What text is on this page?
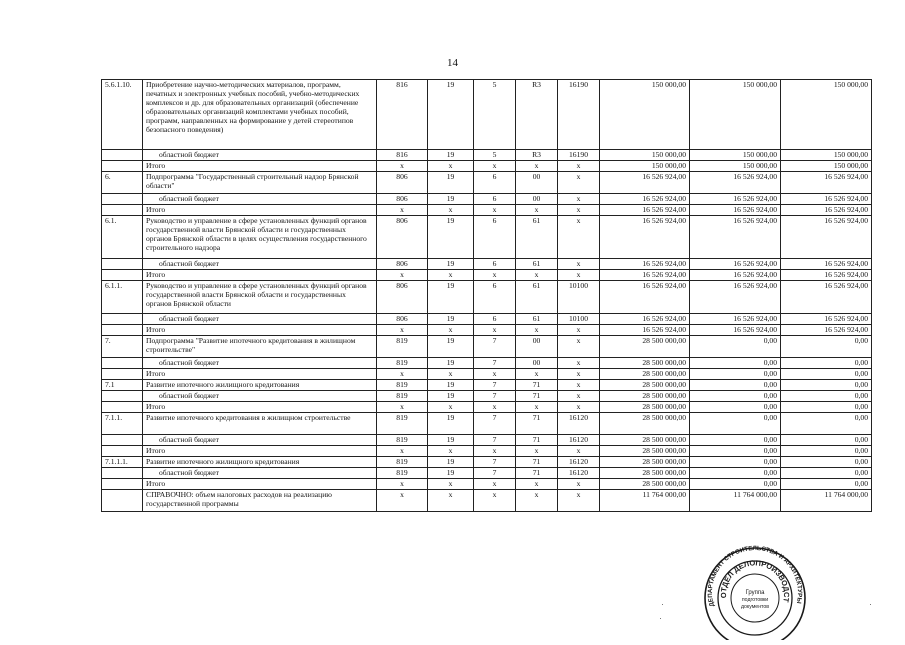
14
5.6.1.10.	Приобретение научно-методических материалов, программ, печатных и электронных учебных пособий, учебно-методических комплексов и др. для образовательных организаций (обеспечение образовательных организаций комплектами учебных пособий, программ, направленных на формирование у детей стереотипов безопасного поведения)	816	19	5	R3	16190	150 000,00	150 000,00	150 000,00
	областной бюджет	816	19	5	R3	16190	150 000,00	150 000,00	150 000,00
	Итого	x	x	x	x	x	150 000,00	150 000,00	150 000,00
6.	Подпрограмма "Государственный строительный надзор Брянской области"	806	19	6	00	x	16 526 924,00	16 526 924,00	16 526 924,00
	областной бюджет	806	19	6	00	x	16 526 924,00	16 526 924,00	16 526 924,00
	Итого	x	x	x	x	x	16 526 924,00	16 526 924,00	16 526 924,00
6.1.	Руководство и управление в сфере установленных функций органов государственной власти Брянской области и государственных органов Брянской области в целях осуществления государственного строительного надзора	806	19	6	61	x	16 526 924,00	16 526 924,00	16 526 924,00
	областной бюджет	806	19	6	61	x	16 526 924,00	16 526 924,00	16 526 924,00
	Итого	x	x	x	x	x	16 526 924,00	16 526 924,00	16 526 924,00
6.1.1.	Руководство и управление в сфере установленных функций органов государственной власти Брянской области и государственных органов Брянской области	806	19	6	61	10100	16 526 924,00	16 526 924,00	16 526 924,00
	областной бюджет	806	19	6	61	10100	16 526 924,00	16 526 924,00	16 526 924,00
	Итого	x	x	x	x	x	16 526 924,00	16 526 924,00	16 526 924,00
7.	Подпрограмма "Развитие ипотечного кредитования в жилищном строительстве"	819	19	7	00	x	28 500 000,00	0,00	0,00
	областной бюджет	819	19	7	00	x	28 500 000,00	0,00	0,00
	Итого	x	x	x	x	x	28 500 000,00	0,00	0,00
7.1	Развитие ипотечного жилищного кредитования	819	19	7	71	x	28 500 000,00	0,00	0,00
	областной бюджет	819	19	7	71	x	28 500 000,00	0,00	0,00
	Итого	x	x	x	x	x	28 500 000,00	0,00	0,00
7.1.1.	Развитие ипотечного кредитования в жилищном строительстве	819	19	7	71	16120	28 500 000,00	0,00	0,00
	областной бюджет	819	19	7	71	16120	28 500 000,00	0,00	0,00
	Итого	x	x	x	x	x	28 500 000,00	0,00	0,00
7.1.1.1.	Развитие ипотечного жилищного кредитования	819	19	7	71	16120	28 500 000,00	0,00	0,00
	областной бюджет	819	19	7	71	16120	28 500 000,00	0,00	0,00
	Итого	x	x	x	x	x	28 500 000,00	0,00	0,00
	СПРАВОЧНО: объем налоговых расходов на реализацию государственной программы	x	x	x	x	x	11 764 000,00	11 764 000,00	11 764 000,00
ДЕПАРТАМЕНТ СТРОИТЕЛЬСТВА И АРХИТЕКТУРЫ
ОТДЕЛ ДЕЛОПРОИЗВОДСТ
Группа
подготовки
документов
